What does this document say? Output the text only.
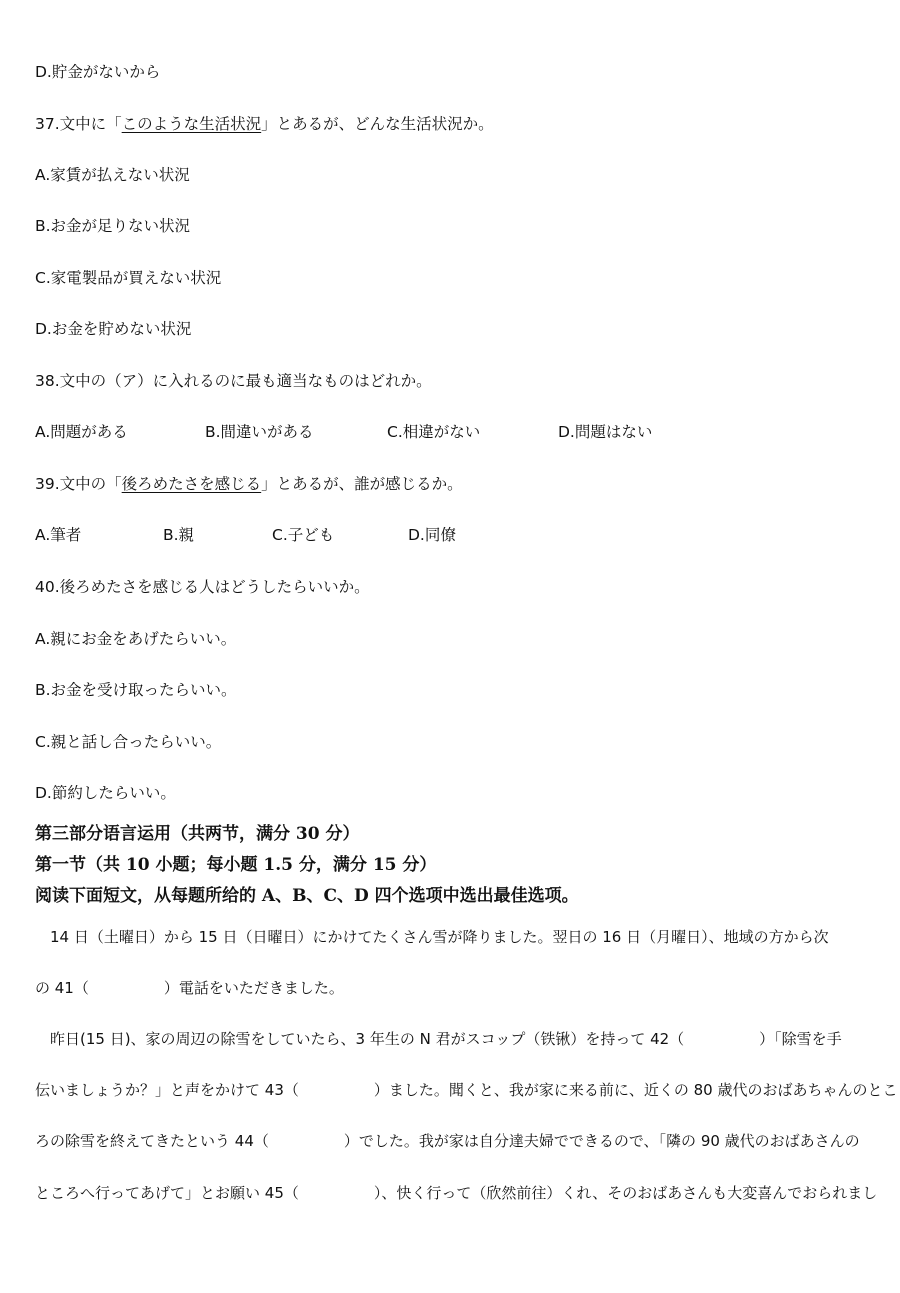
D.貯金がないから
37.文中に「このような生活状況」とあるが、どんな生活状況か。
A.家賃が払えない状況
B.お金が足りない状況
C.家電製品が買えない状況
D.お金を貯めない状況
38.文中の（ア）に入れるのに最も適当なものはどれか。
A.問題がある	B.間違いがある	C.相違がない	D.問題はない
39.文中の「後ろめたさを感じる」とあるが、誰が感じるか。
A.筆者	B.親	C.子ども	D.同僚
40.後ろめたさを感じる人はどうしたらいいか。
A.親にお金をあげたらいい。
B.お金を受け取ったらいい。
C.親と話し合ったらいい。
D.節約したらいい。
第三部分语言运用（共两节，满分 30 分）
第一节（共 10 小题；每小题 1.5 分，满分 15 分）
阅读下面短文，从每题所给的 A、B、C、D 四个选项中选出最佳选项。
　14 日（土曜日）から 15 日（日曜日）にかけてたくさん雪が降りました。翌日の 16 日（月曜日）、地域の方から次
の 41（　　　　　）電話をいただきました。
　昨日(15 日)、家の周辺の除雪をしていたら、3 年生の N 君がスコップ（铁锹）を持って 42（　　　　　）「除雪を手
伝いましょうか？」と声をかけて 43（　　　　　）ました。聞くと、我が家に来る前に、近くの 80 歳代のおばあちゃんのとこ
ろの除雪を終えてきたという 44（　　　　　）でした。我が家は自分達夫婦でできるので、「隣の 90 歳代のおばあさんの
ところへ行ってあげて」とお願い 45（　　　　　）、快く行って（欣然前往）くれ、そのおばあさんも大変喜んでおられまし
